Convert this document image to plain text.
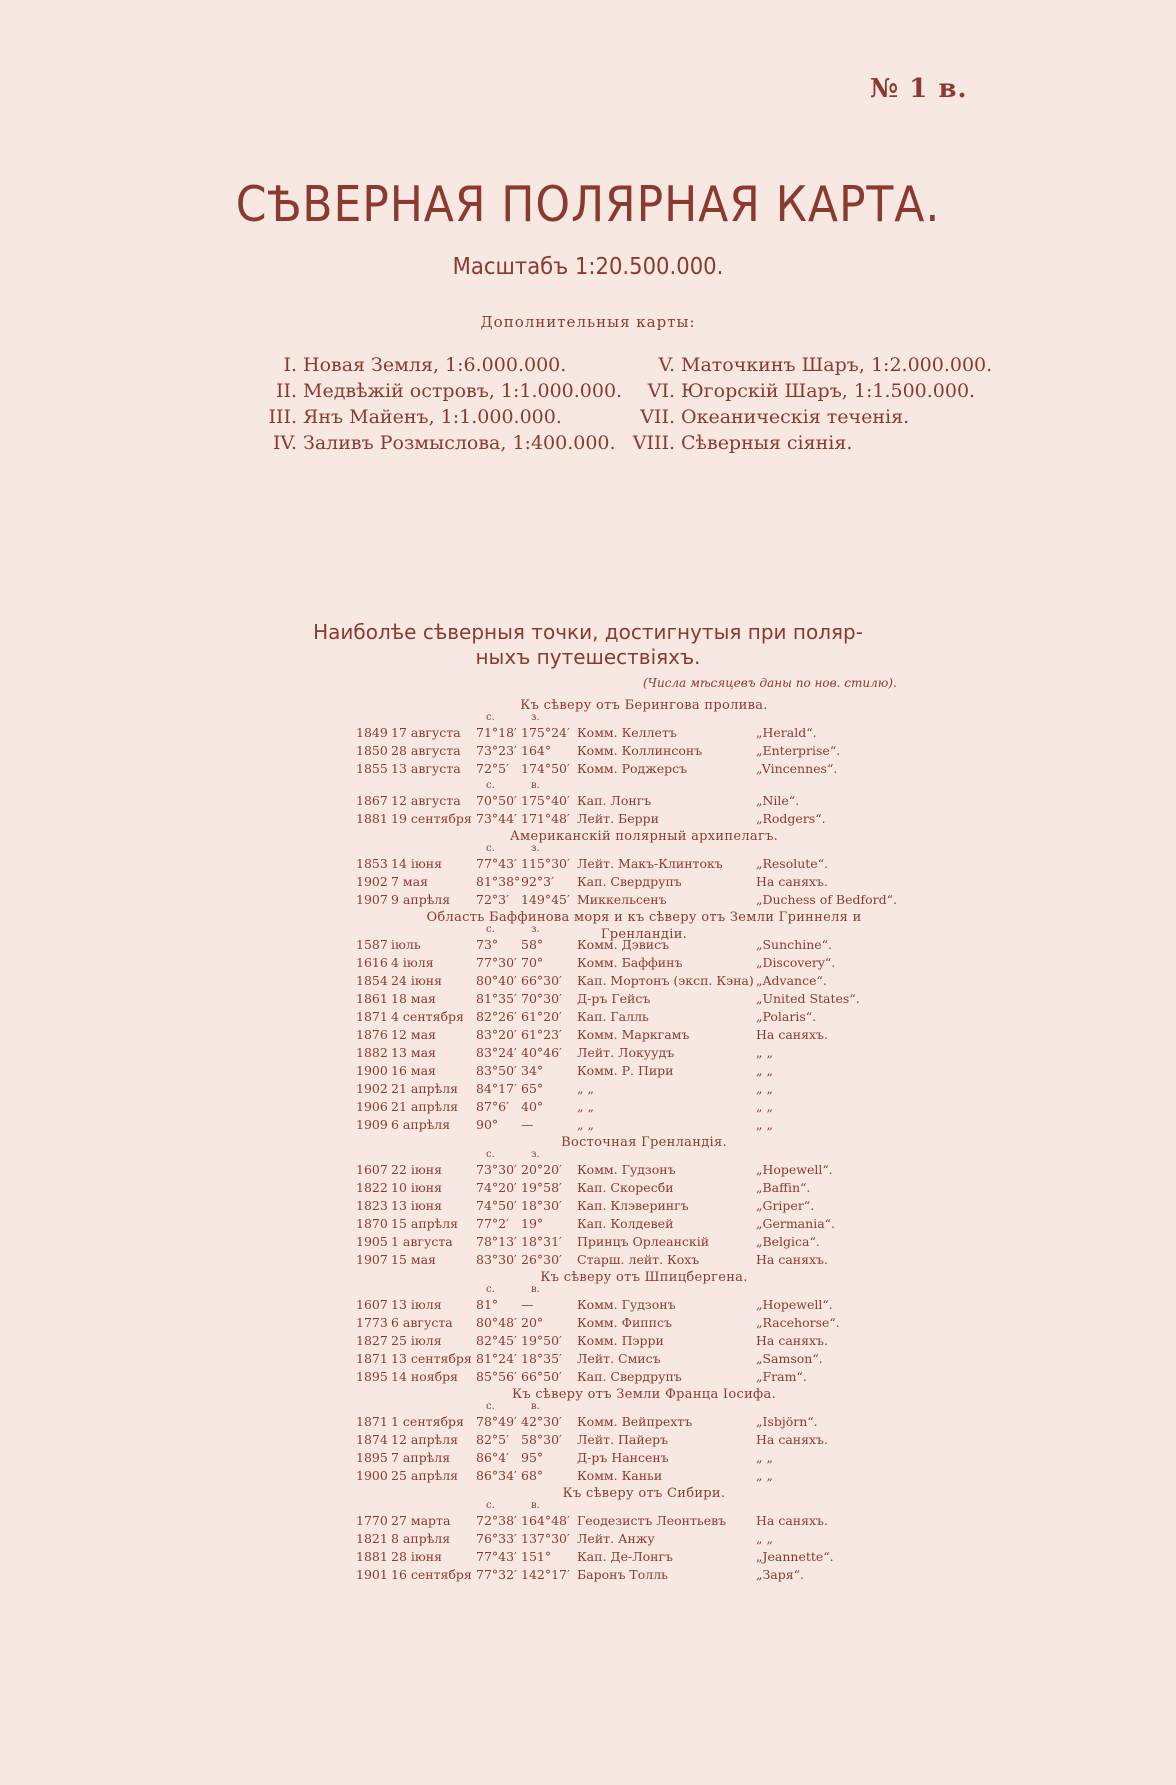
№ 1 в.
СѢВЕРНАЯ ПОЛЯРНАЯ КАРТА.
Масштабъ 1:20.500.000.
Дополнительныя карты:
I. Новая Земля, 1:6.000.000.
II. Медвѣжій островъ, 1:1.000.000.
III. Янъ Майенъ, 1:1.000.000.
IV. Заливъ Розмыслова, 1:400.000.
V. Маточкинъ Шаръ, 1:2.000.000.
VI. Югорскій Шаръ, 1:1.500.000.
VII. Океаническія теченія.
VIII. Сѣверныя сіянія.
Наиболѣе сѣверныя точки, достигнутыя при поляр-
ныхъ путешествіяхъ.
(Числа мѣсяцевъ даны по нов. стилю).
Къ сѣверу отъ Берингова пролива.
с.	з.
1849 17 августа 71°18′ 175°24′ Комм. Келлетъ	„Herald“.
1850 28 августа 73°23′ 164° Комм. Коллинсонъ	„Enterprise“.
1855 13 августа 72°5′ 174°50′ Комм. Роджерсъ	„Vincennes“.
с.	в.
1867 12 августа 70°50′ 175°40′ Кап. Лонгъ	„Nile“.
1881 19 сентября 73°44′ 171°48′ Лейт. Берри	„Rodgers“.
Американскій полярный архипелагъ.
с.	з.
1853 14 іюня	77°43′ 115°30′ Лейт. Макъ-Клинтокъ	„Resolute“.
1902 7 мая	81°38° 92°3′ Кап. Свердрупъ	На саняхъ.
1907 9 апрѣля 72°3′ 149°45′ Миккельсенъ	„Duchess of Bedford“.
Область Баффинова моря и къ сѣверу отъ Земли Гриннеля и Гренландіи.
с.	з.
1587 іюль	73° 58°	Комм. Дэвисъ	„Sunchine“.
1616 4 іюля	77°30′ 70°	Комм. Баффинъ	„Discovery“.
1854 24 іюня	80°40′ 66°30′ Кап. Мортонъ (эксп. Кэна) „Advance“.
1861 18 мая	81°35′ 70°30′ Д-ръ Гейсъ	„United States“.
1871 4 сентября 82°26′ 61°20′ Кап. Галль	„Polaris“.
1876 12 мая	83°20′ 61°23′ Комм. Маркгамъ	На саняхъ.
1882 13 мая	83°24′ 40°46′ Лейт. Локуудъ	„ „
1900 16 мая	83°50′ 34°	Комм. Р. Пири	„ „
1902 21 апрѣля 84°17′ 65°	„ „	„ „
1906 21 апрѣля 87°6′ 40°	„ „	„ „
1909 6 апрѣля 90° —	„ „	„ „
Восточная Гренландія.
с.	з.
1607 22 іюня	73°30′ 20°20′ Комм. Гудзонъ	„Hopewell“.
1822 10 іюня	74°20′ 19°58′ Кап. Скоресби	„Baffin“.
1823 13 іюня	74°50′ 18°30′ Кап. Клэверингъ	„Griper“.
1870 15 апрѣля 77°2′ 19°	Кап. Колдевей	„Germania“.
1905 1 августа 78°13′ 18°31′ Принцъ Орлеанскій	„Belgica“.
1907 15 мая	83°30′ 26°30′ Старш. лейт. Кохъ	На саняхъ.
Къ сѣверу отъ Шпицбергена.
с.	в.
1607 13 іюля	81° —	Комм. Гудзонъ	„Hopewell“.
1773 6 августа 80°48′ 20°	Комм. Фиппсъ	„Racehorse“.
1827 25 іюля	82°45′ 19°50′ Комм. Пэрри	На саняхъ.
1871 13 сентября 81°24′ 18°35′ Лейт. Смисъ	„Samson“.
1895 14 ноября 85°56′ 66°50′ Кап. Свердрупъ	„Fram“.
Къ сѣверу отъ Земли Франца Іосифа.
с.	в.
1871 1 сентября 78°49′ 42°30′ Комм. Вейпрехтъ	„Isbjörn“.
1874 12 апрѣля 82°5′ 58°30′ Лейт. Пайеръ	На саняхъ.
1895 7 апрѣля 86°4′ 95°	Д-ръ Нансенъ	„ „
1900 25 апрѣля 86°34′ 68°	Комм. Каньи	„ „
Къ сѣверу отъ Сибири.
с.	в.
1770 27 марта 72°38′ 164°48′ Геодезистъ Леонтьевъ На саняхъ.
1821 8 апрѣля 76°33′ 137°30′ Лейт. Анжу	„ „
1881 28 іюня	77°43′ 151° Кап. Де-Лонгъ	„Jeannette“.
1901 16 сентября 77°32′ 142°17′ Баронъ Толль	„Заря“.
